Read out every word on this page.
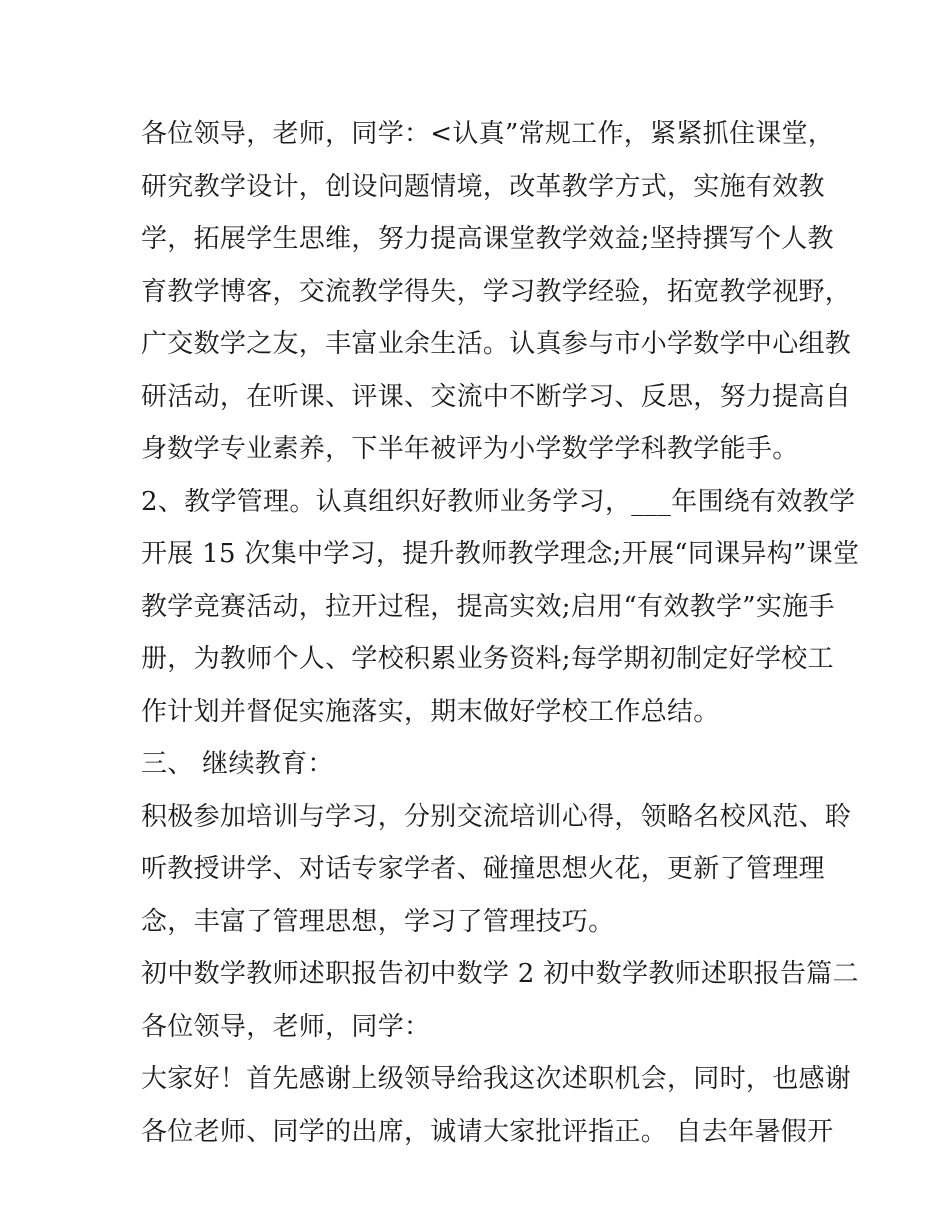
各位领导，老师，同学：<认真”常规工作，紧紧抓住课堂，
研究教学设计，创设问题情境，改革教学方式，实施有效教
学，拓展学生思维，努力提高课堂教学效益;坚持撰写个人教
育教学博客，交流教学得失，学习教学经验，拓宽教学视野，
广交数学之友，丰富业余生活。认真参与市小学数学中心组教
研活动，在听课、评课、交流中不断学习、反思，努力提高自
身数学专业素养，下半年被评为小学数学学科教学能手。
2、教学管理。认真组织好教师业务学习，___年围绕有效教学
开展 15 次集中学习，提升教师教学理念;开展“同课异构”课堂
教学竞赛活动，拉开过程，提高实效;启用“有效教学”实施手
册，为教师个人、学校积累业务资料;每学期初制定好学校工
作计划并督促实施落实，期末做好学校工作总结。
三、 继续教育：
积极参加培训与学习，分别交流培训心得，领略名校风范、聆
听教授讲学、对话专家学者、碰撞思想火花，更新了管理理
念，丰富了管理思想，学习了管理技巧。
初中数学教师述职报告初中数学 2 初中数学教师述职报告篇二
各位领导，老师，同学：
大家好！首先感谢上级领导给我这次述职机会，同时，也感谢
各位老师、同学的出席，诚请大家批评指正。 自去年暑假开
